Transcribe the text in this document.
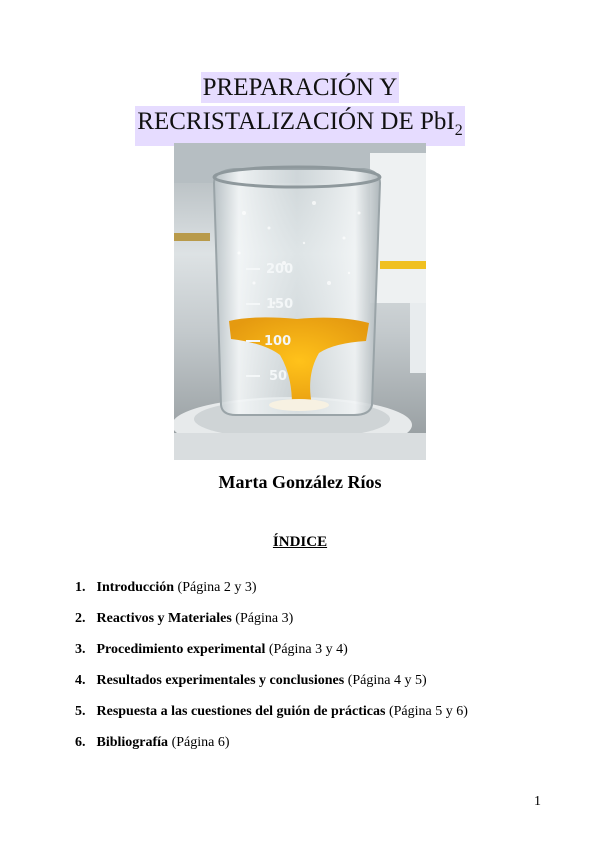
PREPARACIÓN Y
RECRISTALIZACIÓN DE PbI$_2$
200
150
100
50
Marta González Ríos
ÍNDICE
1. Introducción (Página 2 y 3)
2. Reactivos y Materiales (Página 3)
3. Procedimiento experimental (Página 3 y 4)
4. Resultados experimentales y conclusiones (Página 4 y 5)
5. Respuesta a las cuestiones del guión de prácticas (Página 5 y 6)
6. Bibliografía (Página 6)
1
